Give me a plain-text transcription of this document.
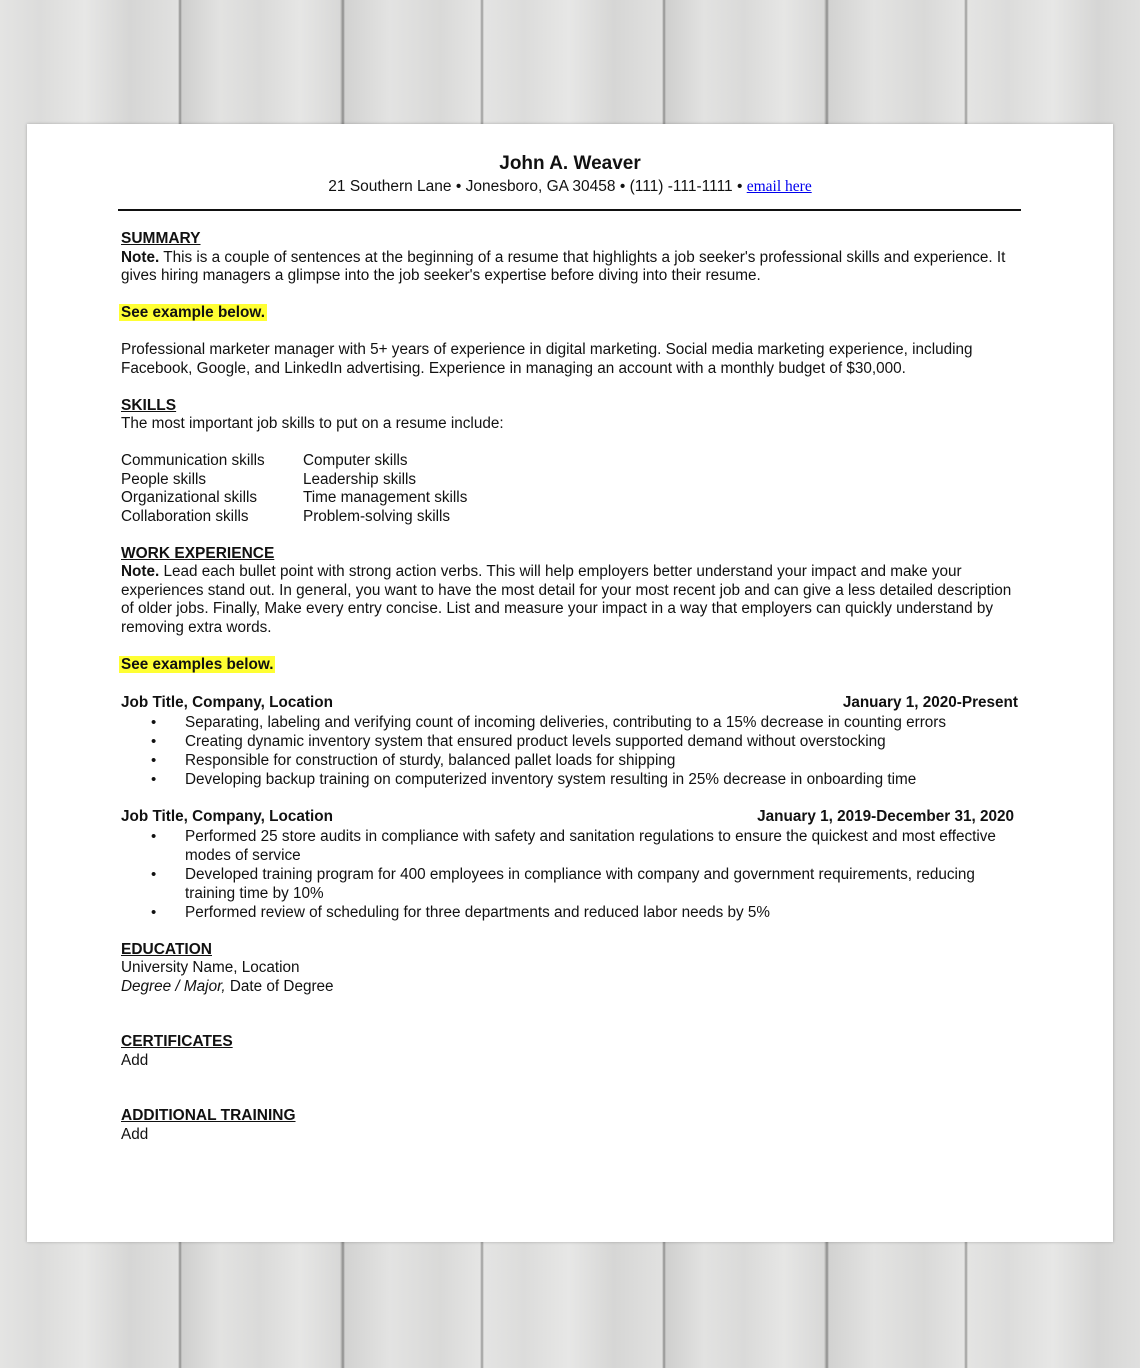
John A. Weaver
21 Southern Lane • Jonesboro, GA 30458 • (111) -111-1111 • email here
SUMMARY

Note. This is a couple of sentences at the beginning of a resume that highlights a job seeker's professional skills and experience. It gives hiring managers a glimpse into the job seeker's expertise before diving into their resume.

See example below.

Professional marketer manager with 5+ years of experience in digital marketing. Social media marketing experience, including Facebook, Google, and LinkedIn advertising. Experience in managing an account with a monthly budget of $30,000.

SKILLS
The most important job skills to put on a resume include:
Communication skills	Computer skills
People skills	Leadership skills
Organizational skills	Time management skills
Collaboration skills	Problem-solving skills
WORK EXPERIENCE

Note. Lead each bullet point with strong action verbs. This will help employers better understand your impact and make your experiences stand out. In general, you want to have the most detail for your most recent job and can give a less detailed description of older jobs. Finally, Make every entry concise. List and measure your impact in a way that employers can quickly understand by removing extra words.

See examples below.
Job Title, Company, Location	January 1, 2020-Present
• Separating, labeling and verifying count of incoming deliveries, contributing to a 15% decrease in counting errors
• Creating dynamic inventory system that ensured product levels supported demand without overstocking
• Responsible for construction of sturdy, balanced pallet loads for shipping
• Developing backup training on computerized inventory system resulting in 25% decrease in onboarding time
Job Title, Company, Location	January 1, 2019-December 31, 2020
• Performed 25 store audits in compliance with safety and sanitation regulations to ensure the quickest and most effective modes of service
• Developed training program for 400 employees in compliance with company and government requirements, reducing training time by 10%
• Performed review of scheduling for three departments and reduced labor needs by 5%
EDUCATION
University Name, Location
Degree / Major, Date of Degree
CERTIFICATES
Add
ADDITIONAL TRAINING
Add
